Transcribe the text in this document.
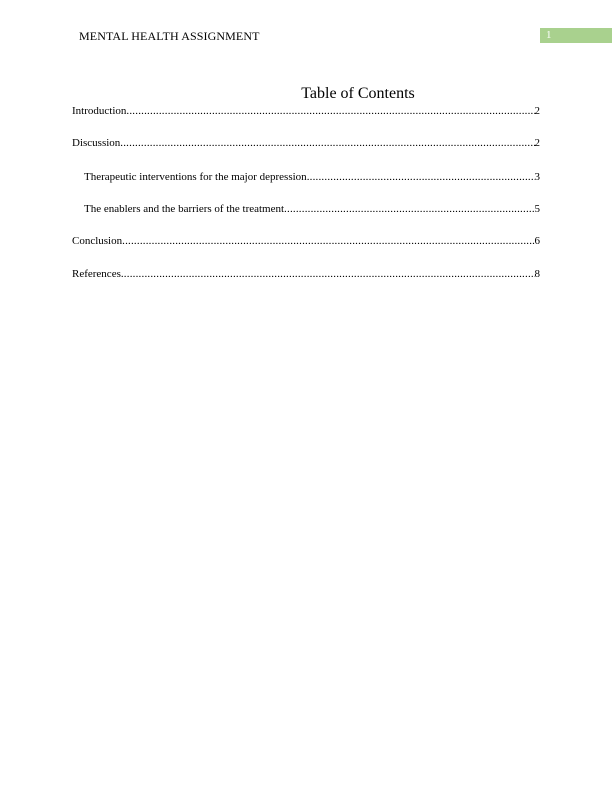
MENTAL HEALTH ASSIGNMENT	1
Table of Contents
Introduction .....	2
Discussion .....	2
Therapeutic interventions for the major depression .....	3
The enablers and the barriers of the treatment .....	5
Conclusion .....	6
References .....	8
